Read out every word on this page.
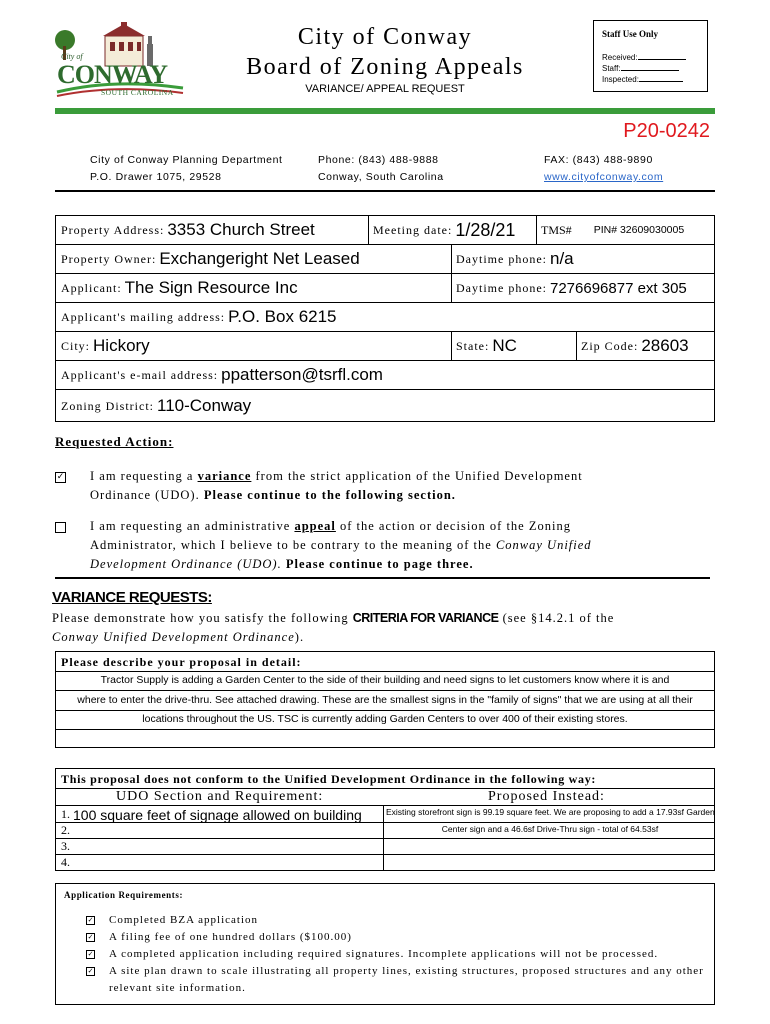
City of
CONWAY
SOUTH CAROLINA
City of Conway
Board of Zoning Appeals
VARIANCE/ APPEAL REQUEST
Staff Use Only
Received:
Staff:
Inspected:
P20-0242
City of Conway Planning Department
P.O. Drawer 1075, 29528
Phone: (843) 488-9888
Conway, South Carolina
FAX: (843) 488-9890
www.cityofconway.com
Property Address: 3353 Church Street	Meeting date: 1/28/21 TMS# PIN# 32609030005
Property Owner: Exchangeright Net Leased	Daytime phone: n/a
Applicant: The Sign Resource Inc	Daytime phone: 7276696877 ext 305
Applicant's mailing address: P.O. Box 6215
City: Hickory	State: NC	Zip Code: 28603
Applicant's e-mail address: ppatterson@tsrfl.com
Zoning District: 110-Conway
Requested Action:
✓ I am requesting a variance from the strict application of the Unified Development
Ordinance (UDO). Please continue to the following section.
I am requesting an administrative appeal of the action or decision of the Zoning
Administrator, which I believe to be contrary to the meaning of the Conway Unified
Development Ordinance (UDO). Please continue to page three.
VARIANCE REQUESTS:
Please demonstrate how you satisfy the following CRITERIA FOR VARIANCE (see §14.2.1 of the
Conway Unified Development Ordinance).
Please describe your proposal in detail:
Tractor Supply is adding a Garden Center to the side of their building and need signs to let customers know where it is and
where to enter the drive-thru. See attached drawing. These are the smallest signs in the "family of signs" that we are using at all their
locations throughout the US. TSC is currently adding Garden Centers to over 400 of their existing stores.
This proposal does not conform to the Unified Development Ordinance in the following way:
UDO Section and Requirement:	Proposed Instead:
1. 100 square feet of signage allowed on building	Existing storefront sign is 99.19 square feet. We are proposing to add a 17.93sf Garden
2.	Center sign and a 46.6sf Drive-Thru sign - total of 64.53sf
3.
4.
Application Requirements:
✓ Completed BZA application
✓ A filing fee of one hundred dollars ($100.00)
✓ A completed application including required signatures. Incomplete applications will not be processed.
✓ A site plan drawn to scale illustrating all property lines, existing structures, proposed structures and any other
relevant site information.
